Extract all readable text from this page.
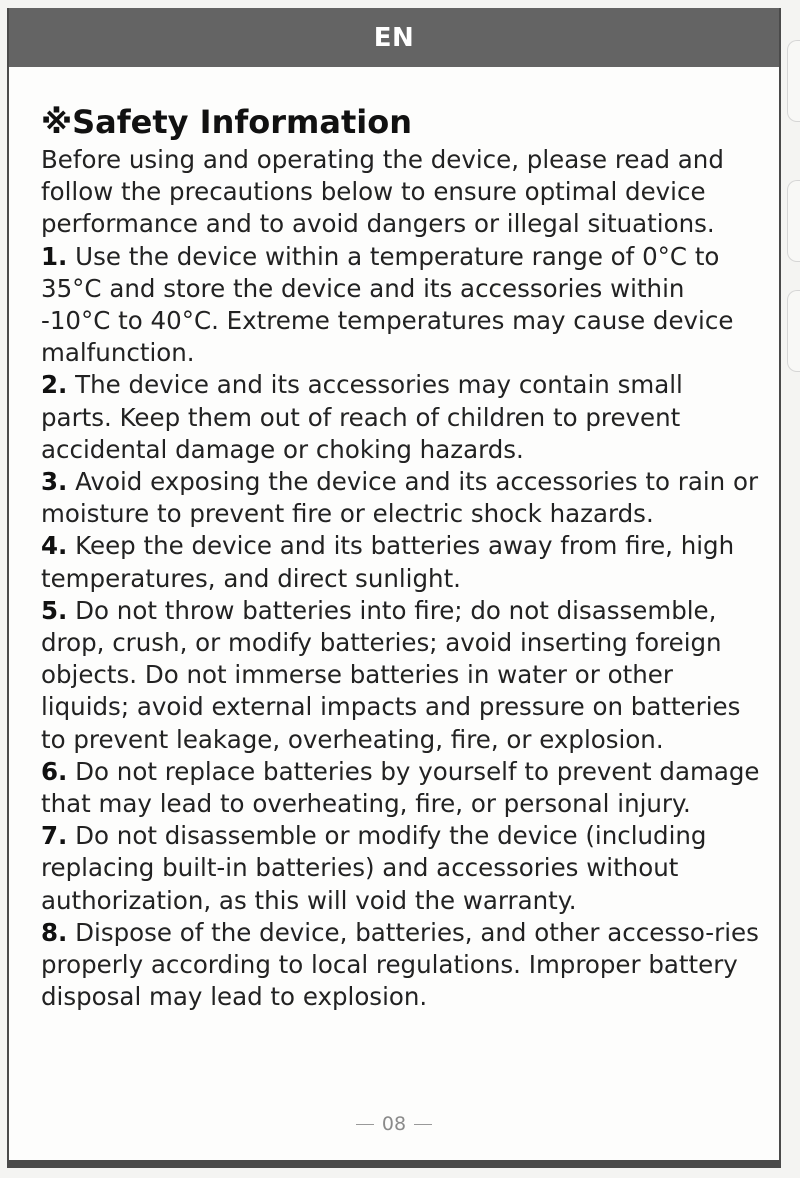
EN
※Safety Information

Before using and operating the device, please read and follow the precautions below to ensure optimal device performance and to avoid dangers or illegal situations.

1. Use the device within a temperature range of 0°C to 35°C and store the device and its accessories within -10°C to 40°C. Extreme temperatures may cause device malfunction.

2. The device and its accessories may contain small parts. Keep them out of reach of children to prevent accidental damage or choking hazards.

3. Avoid exposing the device and its accessories to rain or moisture to prevent fire or electric shock hazards.

4. Keep the device and its batteries away from fire, high temperatures, and direct sunlight.

5. Do not throw batteries into fire; do not disassemble, drop, crush, or modify batteries; avoid inserting foreign objects. Do not immerse batteries in water or other liquids; avoid external impacts and pressure on batteries to prevent leakage, overheating, fire, or explosion.

6. Do not replace batteries by yourself to prevent damage that may lead to overheating, fire, or personal injury.

7. Do not disassemble or modify the device (including replacing built-in batteries) and accessories without authorization, as this will void the warranty.

8. Dispose of the device, batteries, and other accesso-ries properly according to local regulations. Improper battery disposal may lead to explosion.

08
